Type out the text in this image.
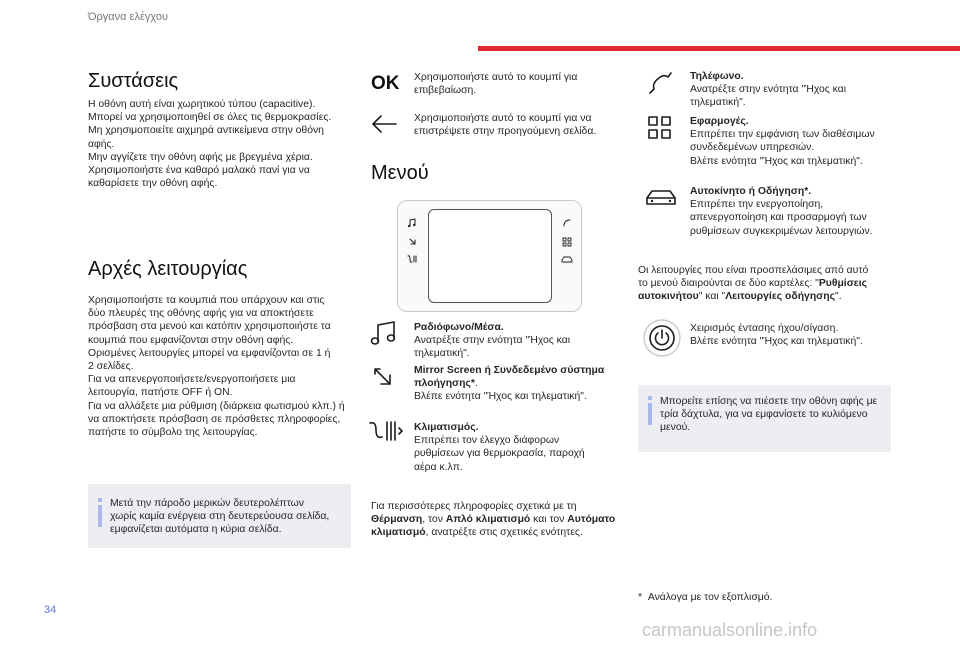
Όργανα ελέγχου
Συστάσεις
Η οθόνη αυτή είναι χωρητικού τύπου (capacitive).
Μπορεί να χρησιμοποιηθεί σε όλες τις θερμοκρασίες.
Μη χρησιμοποιείτε αιχμηρά αντικείμενα στην οθόνη
αφής.
Μην αγγίζετε την οθόνη αφής με βρεγμένα χέρια.
Χρησιμοποιήστε ένα καθαρό μαλακό πανί για να
καθαρίσετε την οθόνη αφής.
Αρχές λειτουργίας
Χρησιμοποιήστε τα κουμπιά που υπάρχουν και στις
δύο πλευρές της οθόνης αφής για να αποκτήσετε
πρόσβαση στα μενού και κατόπιν χρησιμοποιήστε τα
κουμπιά που εμφανίζονται στην οθόνη αφής.
Ορισμένες λειτουργίες μπορεί να εμφανίζονται σε 1 ή
2 σελίδες.
Για να απενεργοποιήσετε/ενεργοποιήσετε μια
λειτουργία, πατήστε OFF ή ON.
Για να αλλάξετε μια ρύθμιση (διάρκεια φωτισμού κλπ.) ή
να αποκτήσετε πρόσβαση σε πρόσθετες πληροφορίες,
πατήστε το σύμβολο της λειτουργίας.
Μετά την πάροδο μερικών δευτερολέπτων
χωρίς καμία ενέργεια στη δευτερεύουσα σελίδα,
εμφανίζεται αυτόματα η κύρια σελίδα.
OK Χρησιμοποιήστε αυτό το κουμπί για
επιβεβαίωση.
Χρησιμοποιήστε αυτό το κουμπί για να
επιστρέψετε στην προηγούμενη σελίδα.
Μενού
Ραδιόφωνο/Μέσα.
Ανατρέξτε στην ενότητα "Ήχος και
τηλεματική".
Mirror Screen ή Συνδεδεμένο σύστημα
πλοήγησης*.
Βλέπε ενότητα "Ήχος και τηλεματική".
Κλιματισμός.
Επιτρέπει τον έλεγχο διάφορων
ρυθμίσεων για θερμοκρασία, παροχή
αέρα κ.λπ.
Για περισσότερες πληροφορίες σχετικά με τη
Θέρμανση, τον Απλό κλιματισμό και τον Αυτόματο
κλιματισμό, ανατρέξτε στις σχετικές ενότητες.
Τηλέφωνο.
Ανατρέξτε στην ενότητα "Ήχος και
τηλεματική".
Εφαρμογές.
Επιτρέπει την εμφάνιση των διαθέσιμων
συνδεδεμένων υπηρεσιών.
Βλέπε ενότητα "Ήχος και τηλεματική".
Αυτοκίνητο ή Οδήγηση*.
Επιτρέπει την ενεργοποίηση,
απενεργοποίηση και προσαρμογή των
ρυθμίσεων συγκεκριμένων λειτουργιών.
Οι λειτουργίες που είναι προσπελάσιμες από αυτό
το μενού διαιρούνται σε δύο καρτέλες: "Ρυθμίσεις
αυτοκινήτου" και "Λειτουργίες οδήγησης".
Χειρισμός έντασης ήχου/σίγαση.
Βλέπε ενότητα "Ήχος και τηλεματική".
Μπορείτε επίσης να πιέσετε την οθόνη αφής με
τρία δάχτυλα, για να εμφανίσετε το κυλιόμενο
μενού.
* Ανάλογα με τον εξοπλισμό.
34
carmanualsonline.info
